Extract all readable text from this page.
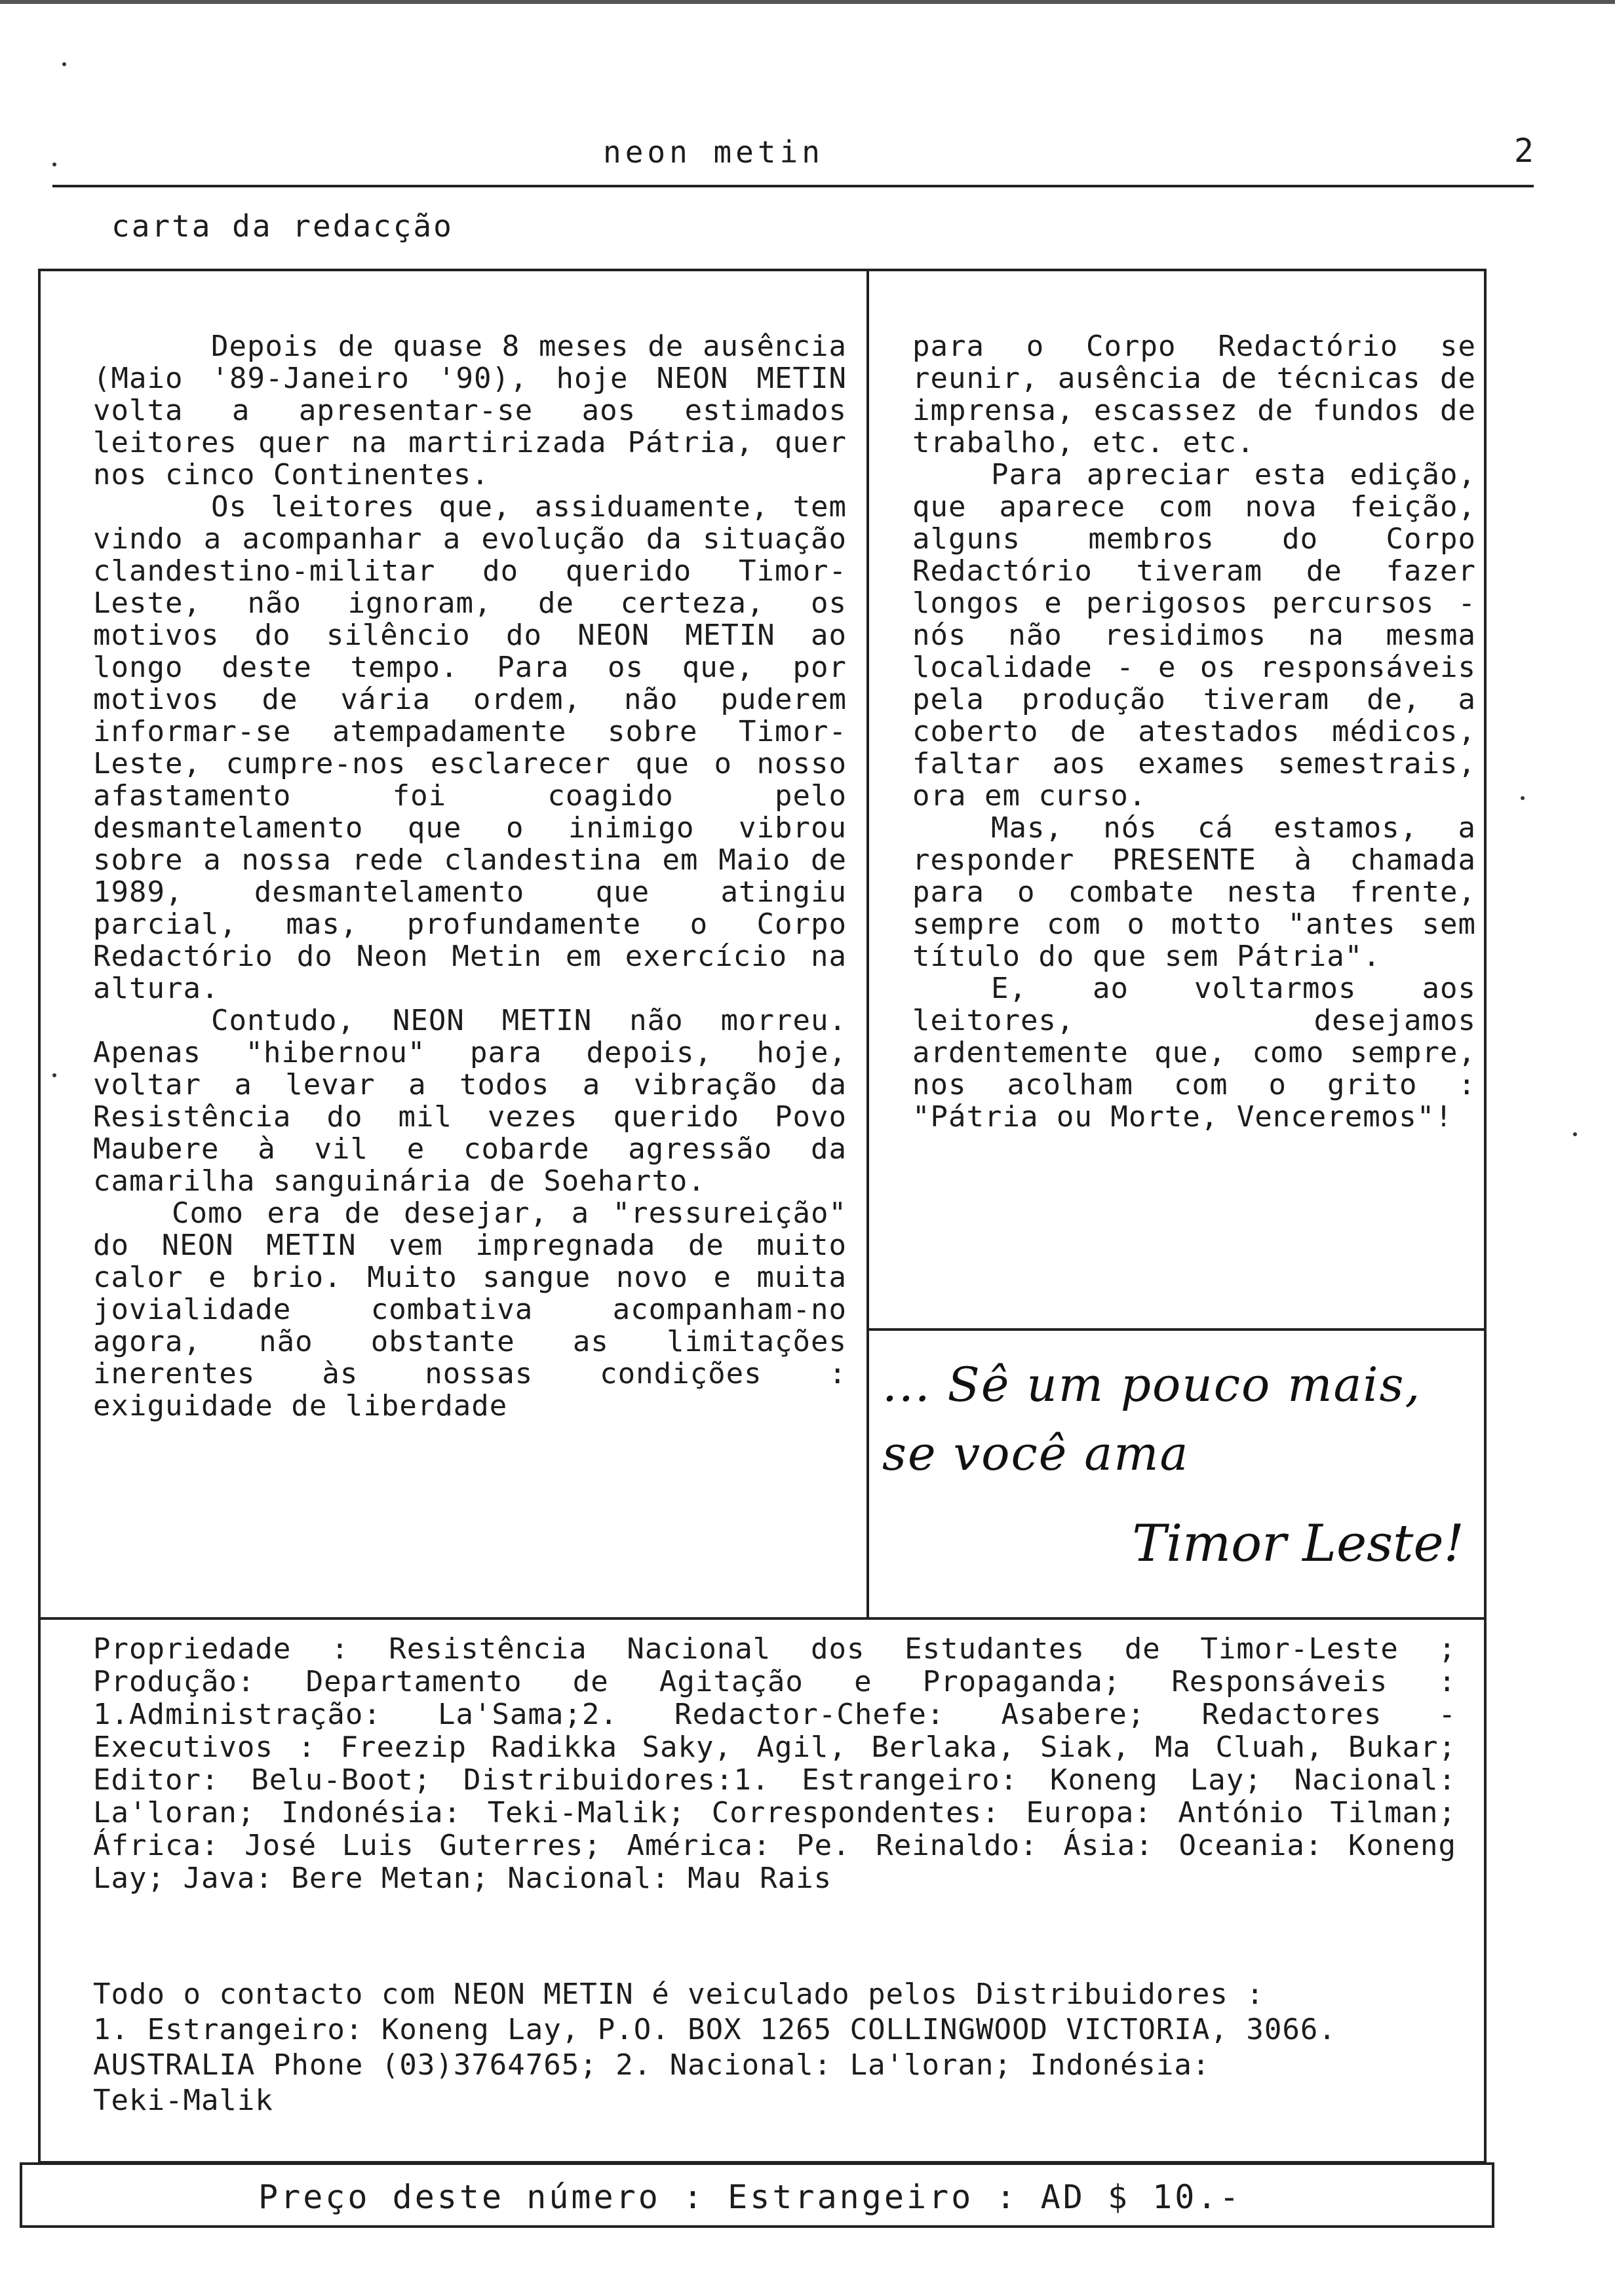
neon metin	2
carta da redacção

Depois de quase 8 meses de ausência (Maio '89-Janeiro '90), hoje NEON METIN volta a apresentar-se aos estimados leitores quer na martirizada Pátria, quer nos cinco Continentes.

Os leitores que, assiduamente, tem vindo a acompanhar a evolução da situação clandestino-militar do querido Timor-Leste, não ignoram, de certeza, os motivos do silêncio do NEON METIN ao longo deste tempo. Para os que, por motivos de vária ordem, não puderem informar-se atempadamente sobre Timor-Leste, cumpre-nos esclarecer que o nosso afastamento foi coagido pelo desmantelamento que o inimigo vibrou sobre a nossa rede clandestina em Maio de 1989, desmantelamento que atingiu parcial, mas, profundamente o Corpo Redactório do Neon Metin em exercício na altura.

Contudo, NEON METIN não morreu. Apenas "hibernou" para depois, hoje, voltar a levar a todos a vibração da Resistência do mil vezes querido Povo Maubere à vil e cobarde agressão da camarilha sanguinária de Soeharto.

Como era de desejar, a "ressureição" do NEON METIN vem impregnada de muito calor e brio. Muito sangue novo e muita jovialidade combativa acompanham-no agora, não obstante as limitações inerentes às nossas condições : exiguidade de liberdade

para o Corpo Redactório se reunir, ausência de técnicas de imprensa, escassez de fundos de trabalho, etc. etc.

Para apreciar esta edição, que aparece com nova feição, alguns membros do Corpo Redactório tiveram de fazer longos e perigosos percursos - nós não residimos na mesma localidade - e os responsáveis pela produção tiveram de, a coberto de atestados médicos, faltar aos exames semestrais, ora em curso.

Mas, nós cá estamos, a responder PRESENTE à chamada para o combate nesta frente, sempre com o motto "antes sem título do que sem Pátria".

E, ao voltarmos aos leitores, desejamos ardentemente que, como sempre, nos acolham com o grito : "Pátria ou Morte, Venceremos"!

... Sê um pouco mais,
se você ama
Timor Leste!

Propriedade : Resistência Nacional dos Estudantes de Timor-Leste ; Produção: Departamento de Agitação e Propaganda; Responsáveis : 1.Administração: La'Sama;2. Redactor-Chefe: Asabere; Redactores - Executivos : Freezip Radikka Saky, Agil, Berlaka, Siak, Ma Cluah, Bukar; Editor: Belu-Boot; Distribuidores:1. Estrangeiro: Koneng Lay; Nacional: La'loran; Indonésia: Teki-Malik; Correspondentes: Europa: António Tilman; África: José Luis Guterres; América: Pe. Reinaldo: Ásia: Oceania: Koneng Lay; Java: Bere Metan; Nacional: Mau Rais

Todo o contacto com NEON METIN é veiculado pelos Distribuidores :

1. Estrangeiro: Koneng Lay, P.O. BOX 1265 COLLINGWOOD VICTORIA, 3066.

AUSTRALIA Phone (03)3764765; 2. Nacional: La'loran; Indonésia:

Teki-Malik

Preço deste número : Estrangeiro : AD $ 10.-
